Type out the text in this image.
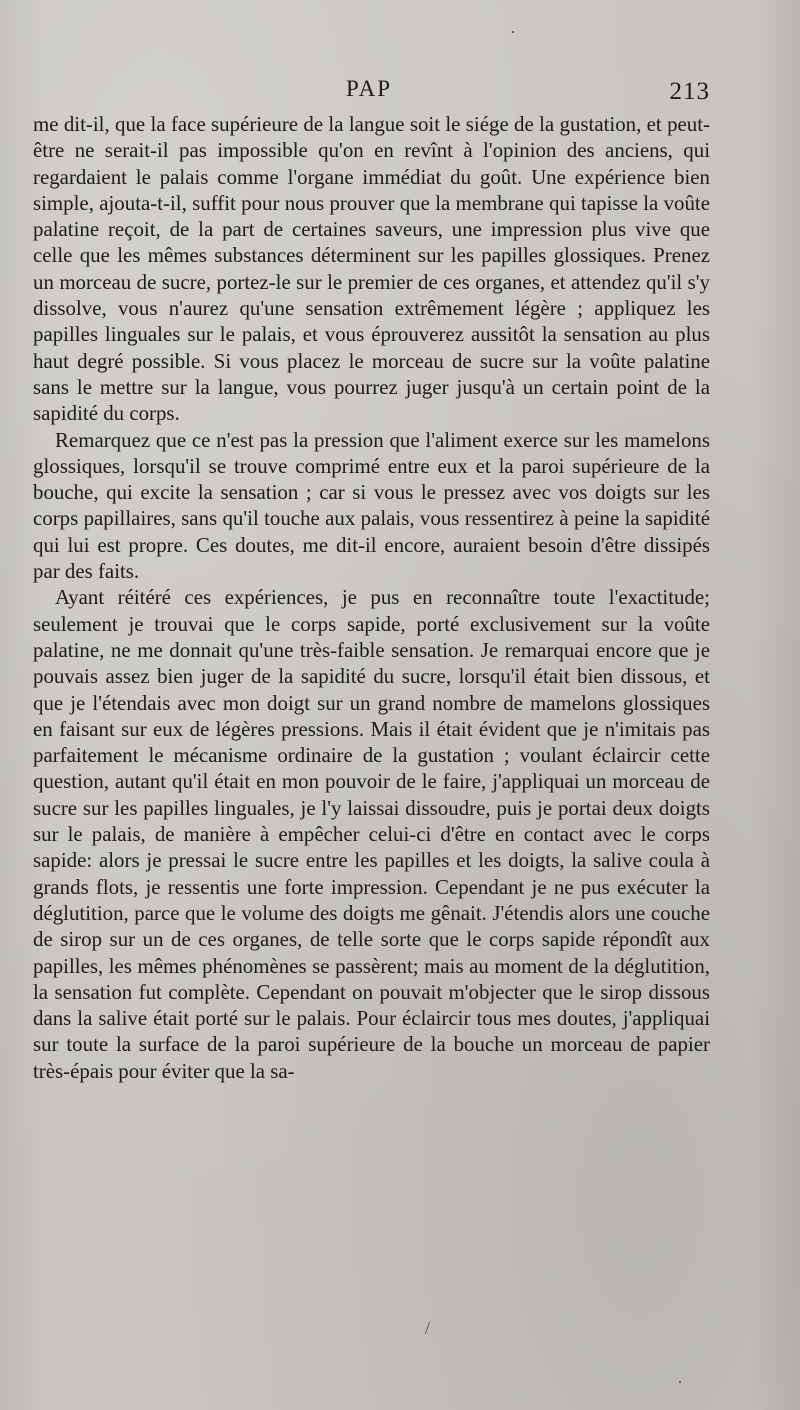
PAP	213

me dit-il, que la face supérieure de la langue soit le siége de la gustation, et peut-être ne serait-il pas impossible qu'on en revînt à l'opinion des anciens, qui regardaient le palais comme l'organe immédiat du goût. Une expérience bien simple, ajouta-t-il, suffit pour nous prouver que la membrane qui tapisse la voûte palatine reçoit, de la part de certaines saveurs, une impression plus vive que celle que les mêmes substances déterminent sur les papilles glossiques. Prenez un morceau de sucre, portez-le sur le premier de ces organes, et attendez qu'il s'y dissolve, vous n'aurez qu'une sensation extrêmement légère ; appliquez les papilles linguales sur le palais, et vous éprouverez aussitôt la sensation au plus haut degré possible. Si vous placez le morceau de sucre sur la voûte palatine sans le mettre sur la langue, vous pourrez juger jusqu'à un certain point de la sapidité du corps.

Remarquez que ce n'est pas la pression que l'aliment exerce sur les mamelons glossiques, lorsqu'il se trouve comprimé entre eux et la paroi supérieure de la bouche, qui excite la sensation ; car si vous le pressez avec vos doigts sur les corps papillaires, sans qu'il touche aux palais, vous ressentirez à peine la sapidité qui lui est propre. Ces doutes, me dit-il encore, auraient besoin d'être dissipés par des faits.

Ayant réitéré ces expériences, je pus en reconnaître toute l'exactitude; seulement je trouvai que le corps sapide, porté exclusivement sur la voûte palatine, ne me donnait qu'une très-faible sensation. Je remarquai encore que je pouvais assez bien juger de la sapidité du sucre, lorsqu'il était bien dissous, et que je l'étendais avec mon doigt sur un grand nombre de mamelons glossiques en faisant sur eux de légères pressions. Mais il était évident que je n'imitais pas parfaitement le mécanisme ordinaire de la gustation ; voulant éclaircir cette question, autant qu'il était en mon pouvoir de le faire, j'appliquai un morceau de sucre sur les papilles linguales, je l'y laissai dissoudre, puis je portai deux doigts sur le palais, de manière à empêcher celui-ci d'être en contact avec le corps sapide: alors je pressai le sucre entre les papilles et les doigts, la salive coula à grands flots, je ressentis une forte impression. Cependant je ne pus exécuter la déglutition, parce que le volume des doigts me gênait. J'étendis alors une couche de sirop sur un de ces organes, de telle sorte que le corps sapide répondît aux papilles, les mêmes phénomènes se passèrent; mais au moment de la déglutition, la sensation fut complète. Cependant on pouvait m'objecter que le sirop dissous dans la salive était porté sur le palais. Pour éclaircir tous mes doutes, j'appliquai sur toute la surface de la paroi supérieure de la bouche un morceau de papier très-épais pour éviter que la sa-

·
/
·
